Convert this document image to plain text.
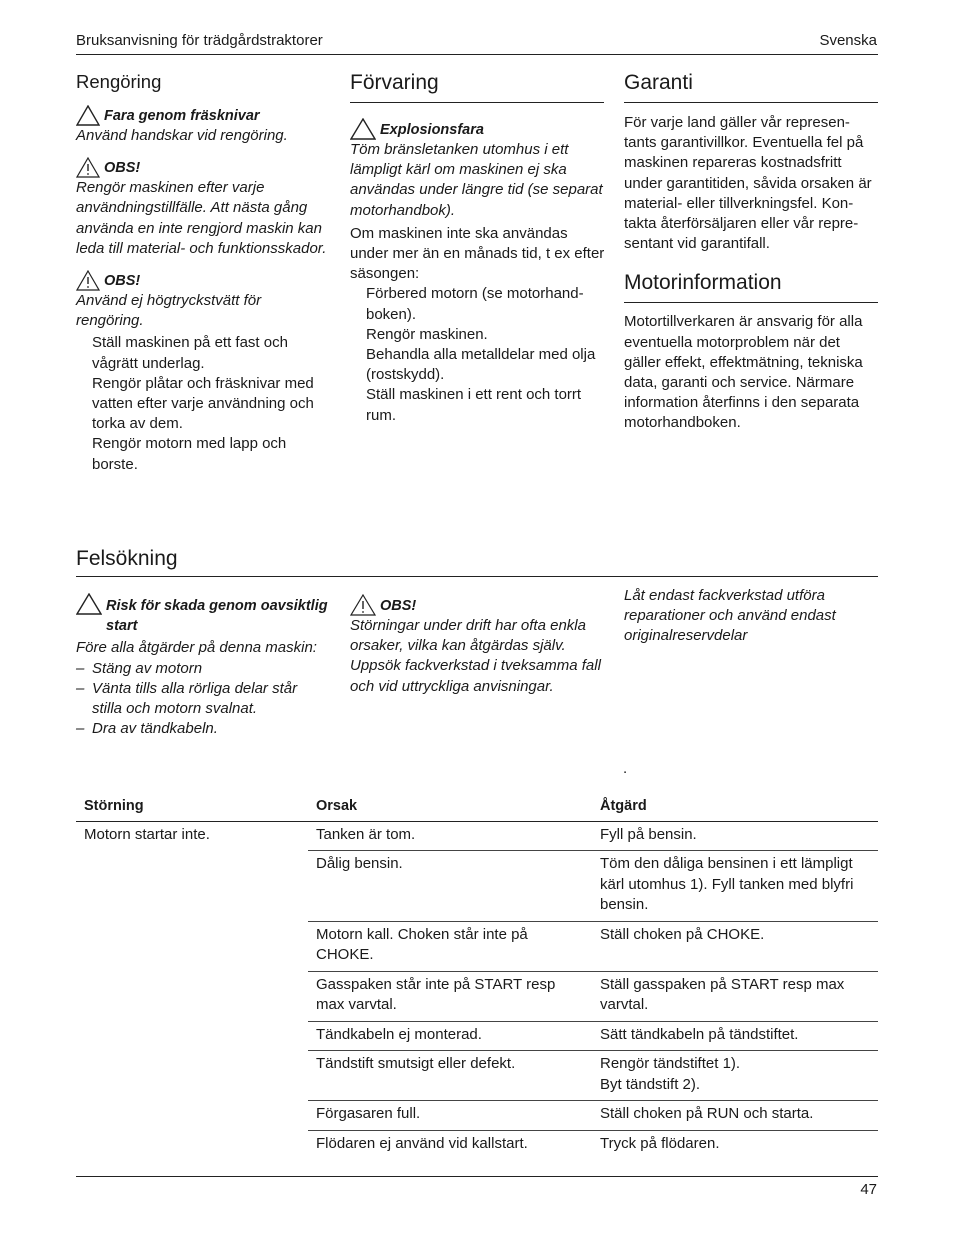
Bruksanvisning för trädgårdstraktorer	Svenska
Rengöring
Fara genom fräsknivar

Använd handskar vid rengöring.

OBS!

Rengör maskinen efter varje användningstillfälle. Att nästa gång använda en inte rengjord maskin kan leda till material- och funktionsskador.

OBS!

Använd ej högtryckstvätt för rengöring.

Ställ maskinen på ett fast och vågrätt underlag.

Rengör plåtar och fräsknivar med vatten efter varje användning och torka av dem.

Rengör motorn med lapp och borste.

Förvaring
Explosionsfara

Töm bränsletanken utomhus i ett lämpligt kärl om maskinen ej ska användas under längre tid (se separat motorhandbok).

Om maskinen inte ska användas under mer än en månads tid, t ex efter säsongen:

Förbered motorn (se motorhand-boken).

Rengör maskinen.

Behandla alla metalldelar med olja (rostskydd).

Ställ maskinen i ett rent och torrt rum.

Garanti

För varje land gäller vår represen-tants garantivillkor. Eventuella fel på maskinen repareras kostnadsfritt under garantitiden, såvida orsaken är material- eller tillverkningsfel. Kon-takta återförsäljaren eller vår repre-sentant vid garantifall.

Motorinformation

Motortillverkaren är ansvarig för alla eventuella motorproblem när det gäller effekt, effektmätning, tekniska data, garanti och service. Närmare information återfinns i den separata motorhandboken.

Felsökning
Risk för skada genom oavsiktlig start

Före alla åtgärder på denna maskin:

– Stäng av motorn

– Vänta tills alla rörliga delar står stilla och motorn svalnat.

– Dra av tändkabeln.

OBS!

Störningar under drift har ofta enkla orsaker, vilka kan åtgärdas själv. Uppsök fackverkstad i tveksamma fall och vid uttryckliga anvisningar.

Låt endast fackverkstad utföra reparationer och använd endast originalreservdelar

.
Störning	Orsak	Åtgärd
Motorn startar inte.	Tanken är tom.	Fyll på bensin.
	Dålig bensin.	Töm den dåliga bensinen i ett lämpligt kärl utomhus 1). Fyll tanken med blyfri bensin.
	Motorn kall. Choken står inte på CHOKE.	Ställ choken på CHOKE.
	Gasspaken står inte på START resp max varvtal.	Ställ gasspaken på START resp max varvtal.
	Tändkabeln ej monterad.	Sätt tändkabeln på tändstiftet.
	Tändstift smutsigt eller defekt.	Rengör tändstiftet 1).
Byt tändstift 2).

	Förgasaren full.	Ställ choken på RUN och starta.
	Flödaren ej använd vid kallstart.	Tryck på flödaren.
47
